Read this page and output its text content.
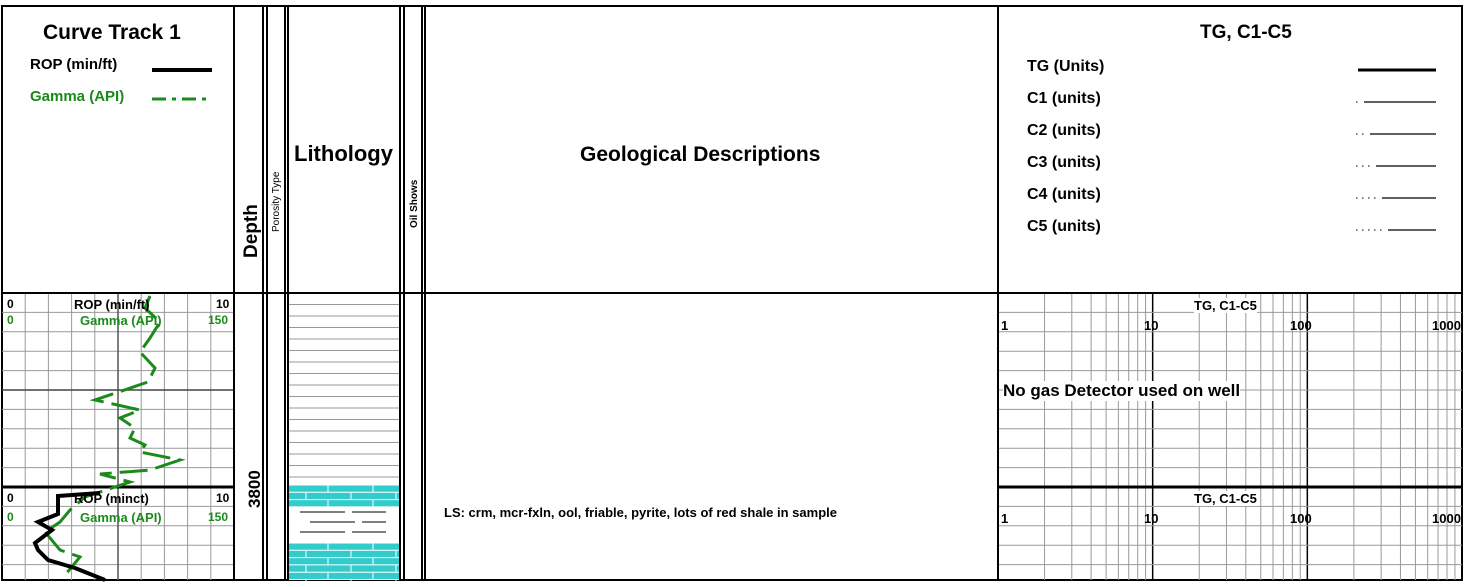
Depth Porosity Type	Oil Shows
3800
Curve Track 1
ROP (min/ft)
Gamma (API)
Lithology	Geological Descriptions
TG, C1-C5
TG (Units)
C1 (units)
C2 (units)
C3 (units)
C4 (units)
C5 (units)
0	ROP (min/ft)	10
0	Gamma (API)	150
0	ROP (minct)	10
0	Gamma (API)	150	LS: crm, mcr-fxln, ool, friable, pyrite, lots of red shale in sample
TG, C1-C5
1	10	100	1000
No gas Detector used on well
TG, C1-C5
1	10	100	1000
